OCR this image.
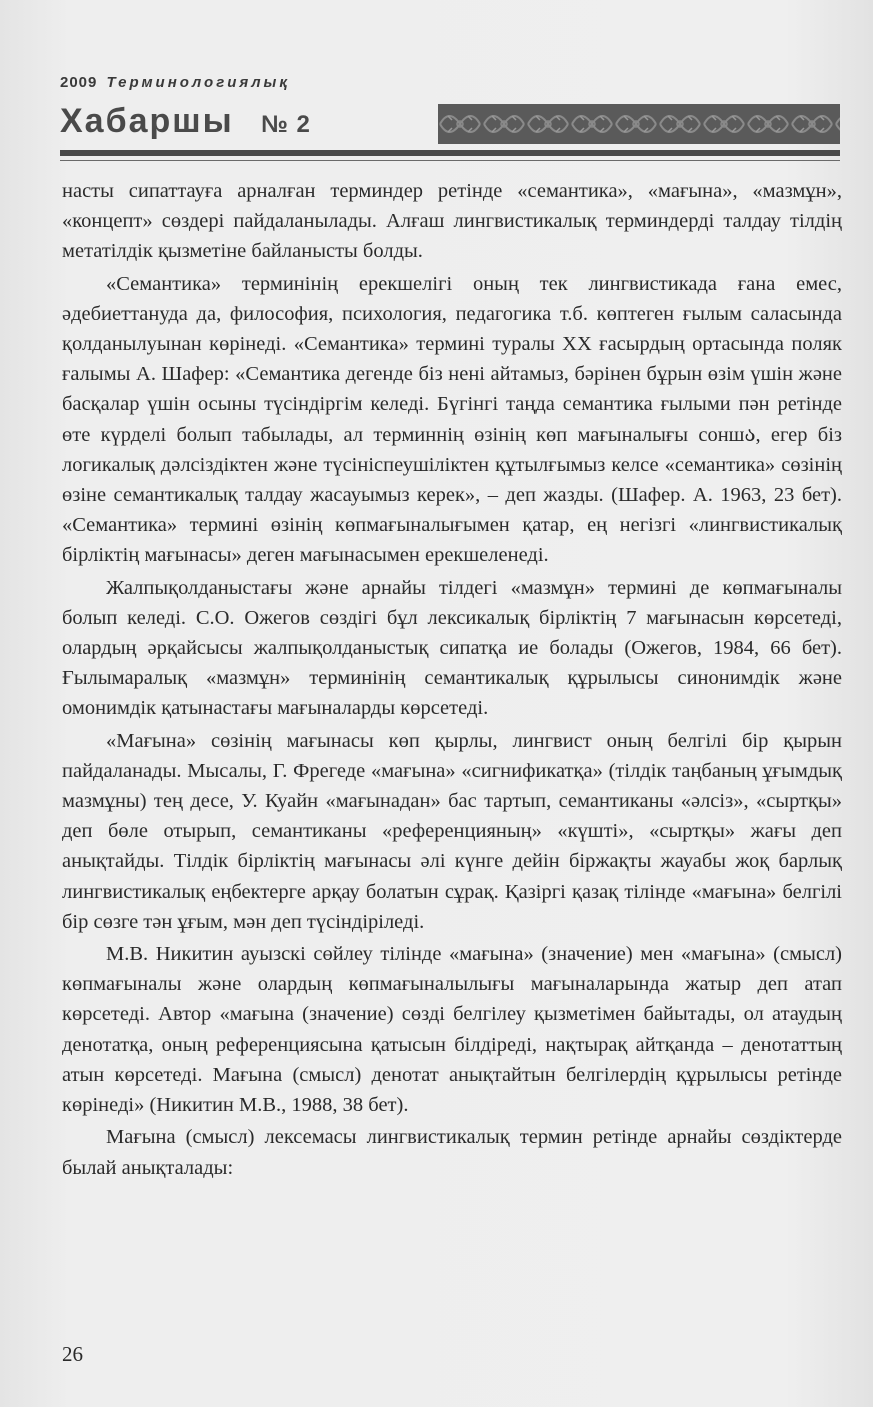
2009 Терминологиялық
Хабаршы № 2

насты сипаттауға арналған терминдер ретінде «семантика», «мағына», «мазмұн», «концепт» сөздері пайдаланылады. Алғаш лингвистикалық терминдерді талдау тілдің метатілдік қызметіне байланысты болды.

«Семантика» терминінің ерекшелігі оның тек лингвистикада ғана емес, әдебиеттануда да, философия, психология, педагогика т.б. көптеген ғылым саласында қолданылуынан көрінеді. «Семантика» термині туралы ХХ ғасырдың ортасында поляк ғалымы А. Шафер: «Семантика дегенде біз нені айтамыз, бәрінен бұрын өзім үшін және басқалар үшін осыны түсіндіргім келеді. Бүгінгі таңда семантика ғылыми пән ретінде өте күрделі болып табылады, ал терминнің өзінің көп мағыналығы соншა, егер біз логикалық дәлсіздіктен және түсініспеушіліктен құтылғымыз келсе «семантика» сөзінің өзіне семантикалық талдау жасауымыз керек», – деп жазды. (Шафер. А. 1963, 23 бет). «Семантика» термині өзінің көпмағыналығымен қатар, ең негізгі «лингвистикалық бірліктің мағынасы» деген мағынасымен ерекшеленеді.

Жалпықолданыстағы және арнайы тілдегі «мазмұн» термині де көпмағыналы болып келеді. С.О. Ожегов сөздігі бұл лексикалық бірліктің 7 мағынасын көрсетеді, олардың әрқайсысы жалпықолданыстық сипатқа ие болады (Ожегов, 1984, 66 бет). Ғылымаралық «мазмұн» терминінің семантикалық құрылысы синонимдік және омонимдік қатынастағы мағыналарды көрсетеді.

«Мағына» сөзінің мағынасы көп қырлы, лингвист оның белгілі бір қырын пайдаланады. Мысалы, Г. Фрегеде «мағына» «сигнификатқа» (тілдік таңбаның ұғымдық мазмұны) тең десе, У. Куайн «мағынадан» бас тартып, семантиканы «әлсіз», «сыртқы» деп бөле отырып, семантиканы «референцияның» «күшті», «сыртқы» жағы деп анықтайды. Тілдік бірліктің мағынасы әлі күнге дейін біржақты жауабы жоқ барлық лингвистикалық еңбектерге арқау болатын сұрақ. Қазіргі қазақ тілінде «мағына» белгілі бір сөзге тән ұғым, мән деп түсіндіріледі.

М.В. Никитин ауызскі сөйлеу тілінде «мағына» (значение) мен «мағына» (смысл) көпмағыналы және олардың көпмағыналылығы мағыналарында жатыр деп атап көрсетеді. Автор «мағына (значение) сөзді белгілеу қызметімен байытады, ол атаудың денотатқа, оның референциясына қатысын білдіреді, нақтырақ айтқанда – денотаттың атын көрсетеді. Мағына (смысл) денотат анықтайтын белгілердің құрылысы ретінде көрінеді» (Никитин М.В., 1988, 38 бет).

Мағына (смысл) лексемасы лингвистикалық термин ретінде арнайы сөздіктерде былай анықталады:

26
